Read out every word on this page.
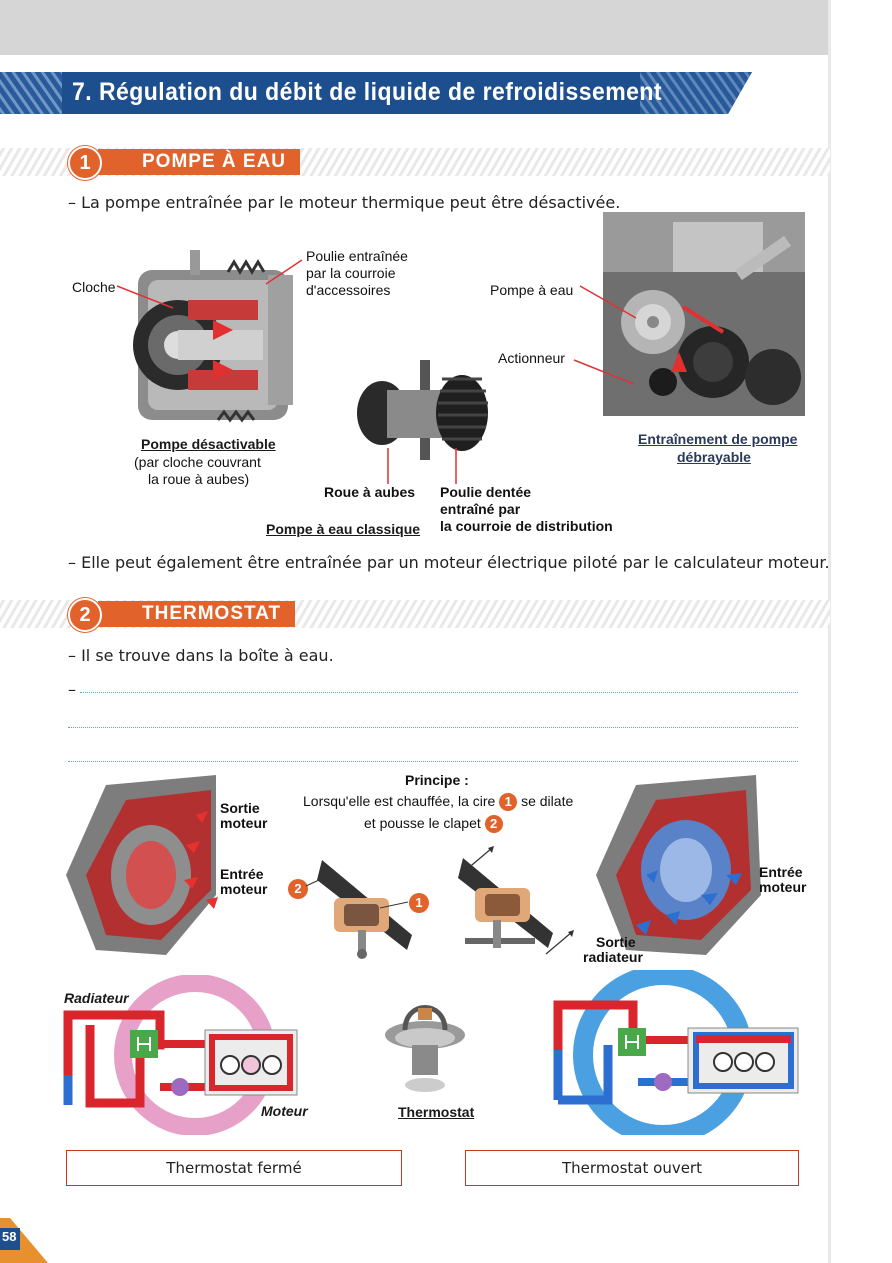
7. Régulation du débit de liquide de refroidissement
POMPE À EAU
1
– La pompe entraînée par le moteur thermique peut être désactivée.
Cloche
Poulie entraînée
par la courroie
d'accessoires
Pompe désactivable
(par cloche couvrant
la roue à aubes)
Roue à aubes Poulie dentée
entraîné par
la courroie de distribution
Pompe à eau classique
Pompe à eau
Actionneur
Entraînement de pompe
débrayable
– Elle peut également être entraînée par un moteur électrique piloté par le calculateur moteur.
THERMOSTAT
2
– Il se trouve dans la boîte à eau.
–
Sortie
moteur
Entrée
moteur
Principe :
Lorsqu'elle est chauffée, la cire 1 se dilate
et pousse le clapet 2
2
1
Entrée
moteur
Sortie
radiateur
Radiateur
Moteur	Thermostat
Thermostat fermé	Thermostat ouvert
58
